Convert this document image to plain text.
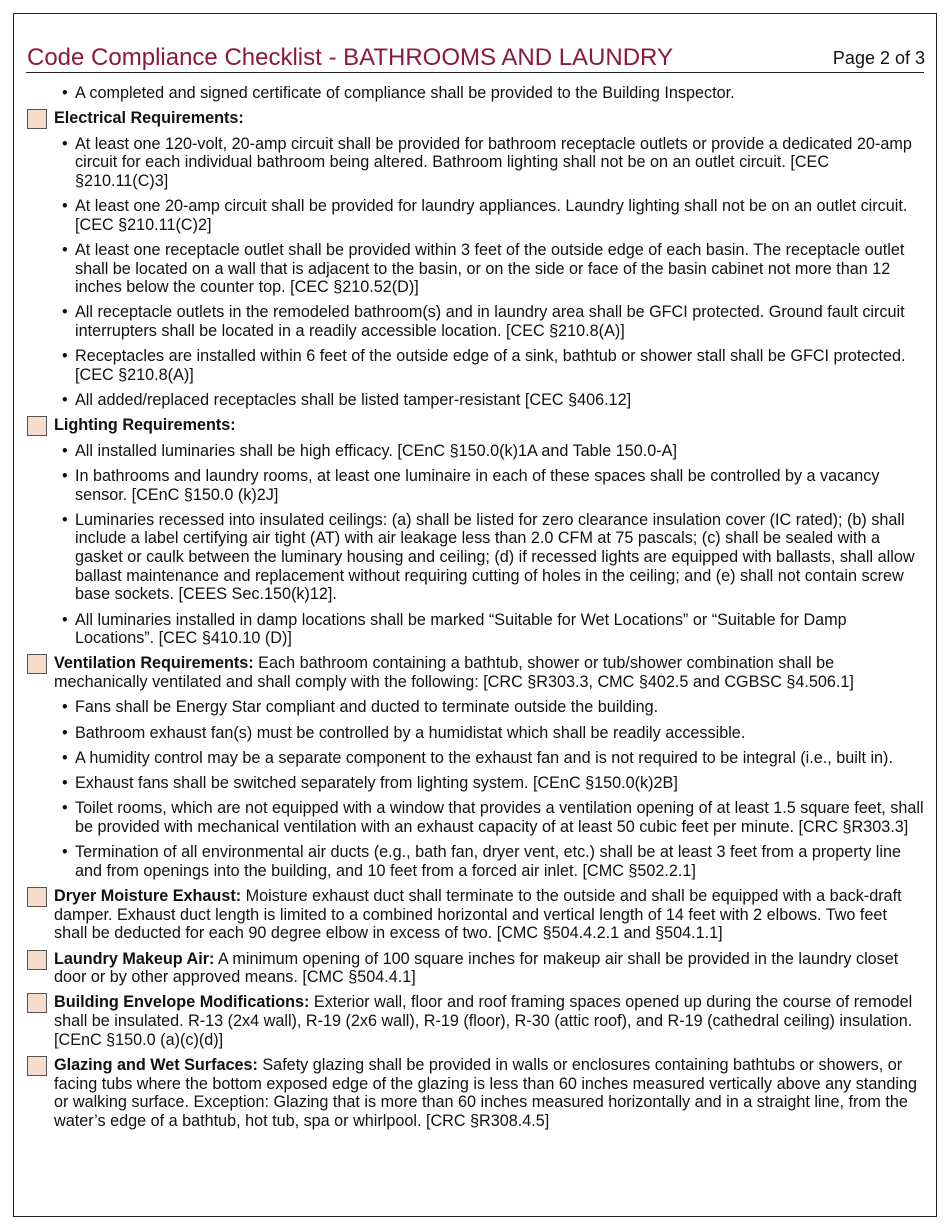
Code Compliance Checklist - BATHROOMS AND LAUNDRY	Page 2 of 3
• A completed and signed certificate of compliance shall be provided to the Building Inspector.
Electrical Requirements:
• At least one 120-volt, 20-amp circuit shall be provided for bathroom receptacle outlets or provide a dedicated 20-amp circuit for each individual bathroom being altered. Bathroom lighting shall not be on an outlet circuit. [CEC §210.11(C)3]
• At least one 20-amp circuit shall be provided for laundry appliances. Laundry lighting shall not be on an outlet circuit. [CEC §210.11(C)2]
• At least one receptacle outlet shall be provided within 3 feet of the outside edge of each basin. The receptacle outlet shall be located on a wall that is adjacent to the basin, or on the side or face of the basin cabinet not more than 12 inches below the counter top. [CEC §210.52(D)]
• All receptacle outlets in the remodeled bathroom(s) and in laundry area shall be GFCI protected. Ground fault circuit interrupters shall be located in a readily accessible location. [CEC §210.8(A)]
• Receptacles are installed within 6 feet of the outside edge of a sink, bathtub or shower stall shall be GFCI protected. [CEC §210.8(A)]
• All added/replaced receptacles shall be listed tamper-resistant [CEC §406.12]
Lighting Requirements:
• All installed luminaries shall be high efficacy. [CEnC §150.0(k)1A and Table 150.0-A]
• In bathrooms and laundry rooms, at least one luminaire in each of these spaces shall be controlled by a vacancy sensor. [CEnC §150.0 (k)2J]
• Luminaries recessed into insulated ceilings: (a) shall be listed for zero clearance insulation cover (IC rated); (b) shall include a label certifying air tight (AT) with air leakage less than 2.0 CFM at 75 pascals; (c) shall be sealed with a gasket or caulk between the luminary housing and ceiling; (d) if recessed lights are equipped with ballasts, shall allow ballast maintenance and replacement without requiring cutting of holes in the ceiling; and (e) shall not contain screw base sockets. [CEES Sec.150(k)12].
• All luminaries installed in damp locations shall be marked “Suitable for Wet Locations” or “Suitable for Damp Locations”. [CEC §410.10 (D)]
Ventilation Requirements: Each bathroom containing a bathtub, shower or tub/shower combination shall be mechanically ventilated and shall comply with the following: [CRC §R303.3, CMC §402.5 and CGBSC §4.506.1]
• Fans shall be Energy Star compliant and ducted to terminate outside the building.
• Bathroom exhaust fan(s) must be controlled by a humidistat which shall be readily accessible.
• A humidity control may be a separate component to the exhaust fan and is not required to be integral (i.e., built in).
• Exhaust fans shall be switched separately from lighting system. [CEnC §150.0(k)2B]
• Toilet rooms, which are not equipped with a window that provides a ventilation opening of at least 1.5 square feet, shall be provided with mechanical ventilation with an exhaust capacity of at least 50 cubic feet per minute. [CRC §R303.3]
• Termination of all environmental air ducts (e.g., bath fan, dryer vent, etc.) shall be at least 3 feet from a property line and from openings into the building, and 10 feet from a forced air inlet. [CMC §502.2.1]
Dryer Moisture Exhaust: Moisture exhaust duct shall terminate to the outside and shall be equipped with a back-draft damper. Exhaust duct length is limited to a combined horizontal and vertical length of 14 feet with 2 elbows. Two feet shall be deducted for each 90 degree elbow in excess of two. [CMC §504.4.2.1 and §504.1.1]
Laundry Makeup Air: A minimum opening of 100 square inches for makeup air shall be provided in the laundry closet door or by other approved means. [CMC §504.4.1]
Building Envelope Modifications: Exterior wall, floor and roof framing spaces opened up during the course of remodel shall be insulated. R-13 (2x4 wall), R-19 (2x6 wall), R-19 (floor), R-30 (attic roof), and R-19 (cathedral ceiling) insulation. [CEnC §150.0 (a)(c)(d)]
Glazing and Wet Surfaces: Safety glazing shall be provided in walls or enclosures containing bathtubs or showers, or facing tubs where the bottom exposed edge of the glazing is less than 60 inches measured vertically above any standing or walking surface. Exception: Glazing that is more than 60 inches measured horizontally and in a straight line, from the water’s edge of a bathtub, hot tub, spa or whirlpool. [CRC §R308.4.5]
